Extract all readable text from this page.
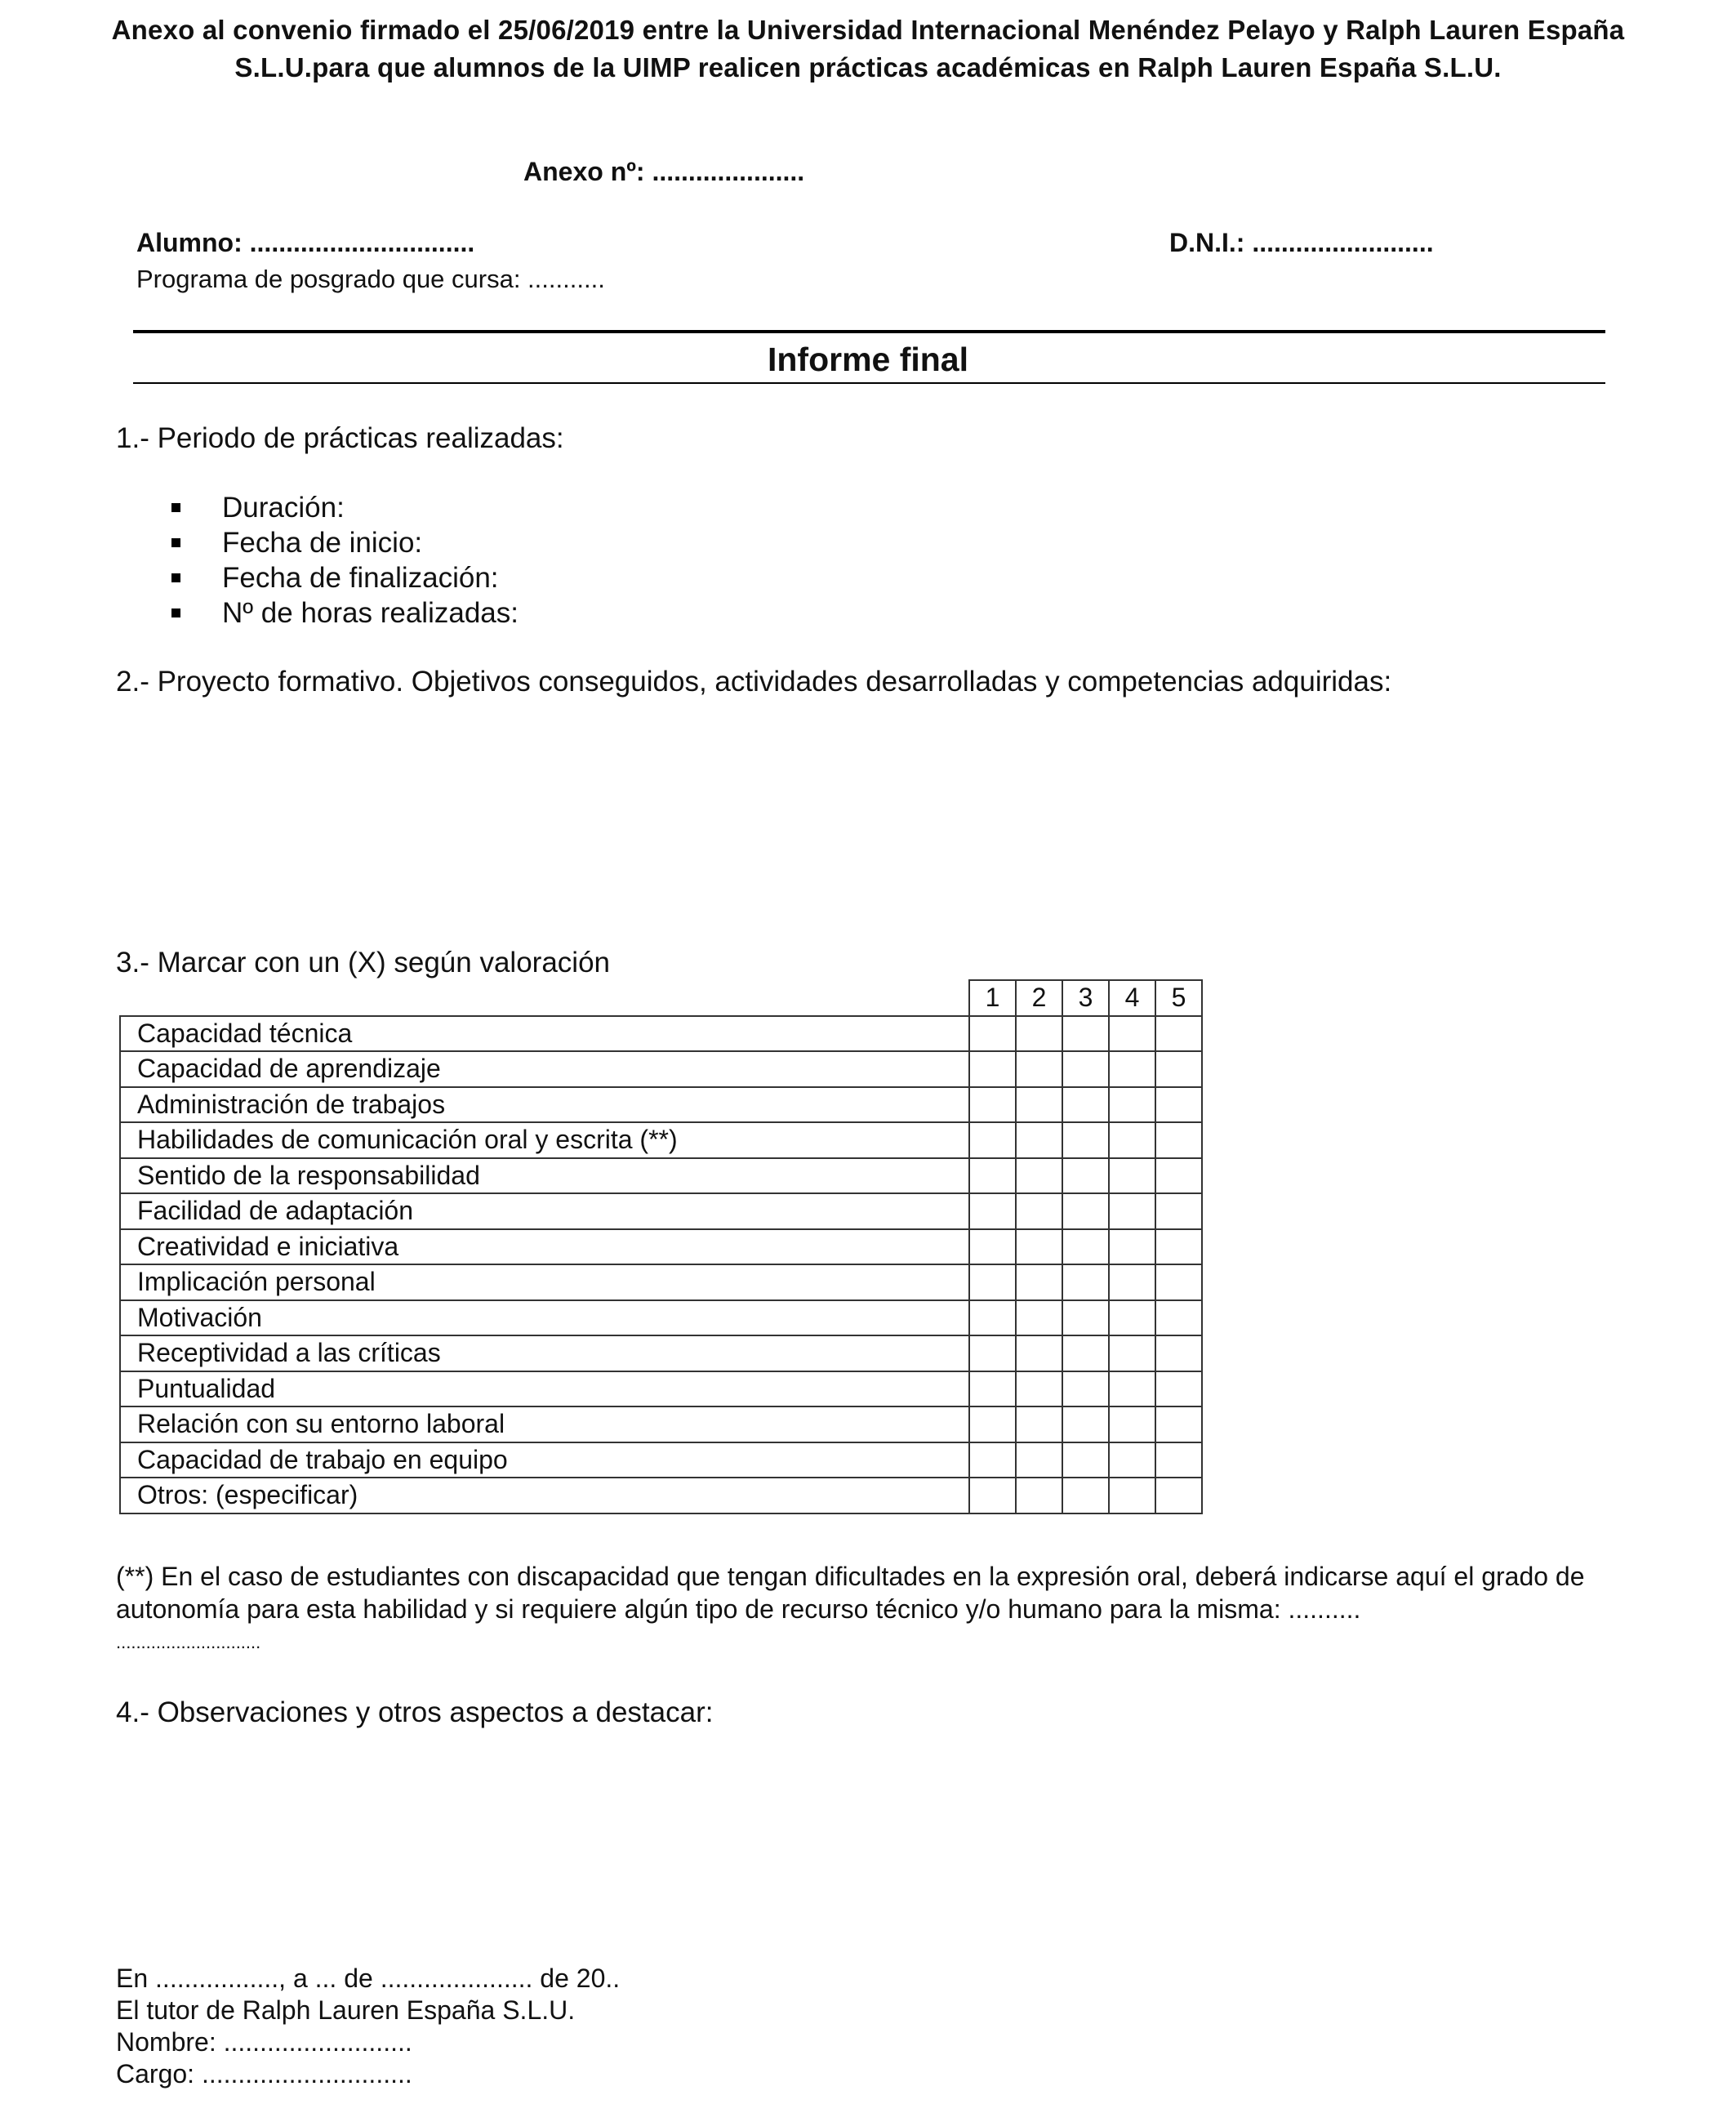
Anexo al convenio firmado el 25/06/2019 entre la Universidad Internacional Menéndez Pelayo y Ralph Lauren España
S.L.U.para que alumnos de la UIMP realicen prácticas académicas en Ralph Lauren España S.L.U.
Anexo nº: .....................
Alumno: ...............................	D.N.I.: .........................
Programa de posgrado que cursa: ...........
Informe final
1.- Periodo de prácticas realizadas:
Duración:
Fecha de inicio:
Fecha de finalización:
Nº de horas realizadas:
2.- Proyecto formativo. Objetivos conseguidos, actividades desarrolladas y competencias adquiridas:
3.- Marcar con un (X) según valoración
	1	2	3	4	5
Capacidad técnica					
Capacidad de aprendizaje					
Administración de trabajos					
Habilidades de comunicación oral y escrita (**)					
Sentido de la responsabilidad					
Facilidad de adaptación					
Creatividad e iniciativa					
Implicación personal					
Motivación					
Receptividad a las críticas					
Puntualidad					
Relación con su entorno laboral					
Capacidad de trabajo en equipo					
Otros: (especificar)					
(**) En el caso de estudiantes con discapacidad que tengan dificultades en la expresión oral, deberá indicarse aquí el grado de
autonomía para esta habilidad y si requiere algún tipo de recurso técnico y/o humano para la misma: ..........
.............................
4.- Observaciones y otros aspectos a destacar:
En ................., a ... de ..................... de 20..
El tutor de Ralph Lauren España S.L.U.
Nombre: ..........................
Cargo: .............................
